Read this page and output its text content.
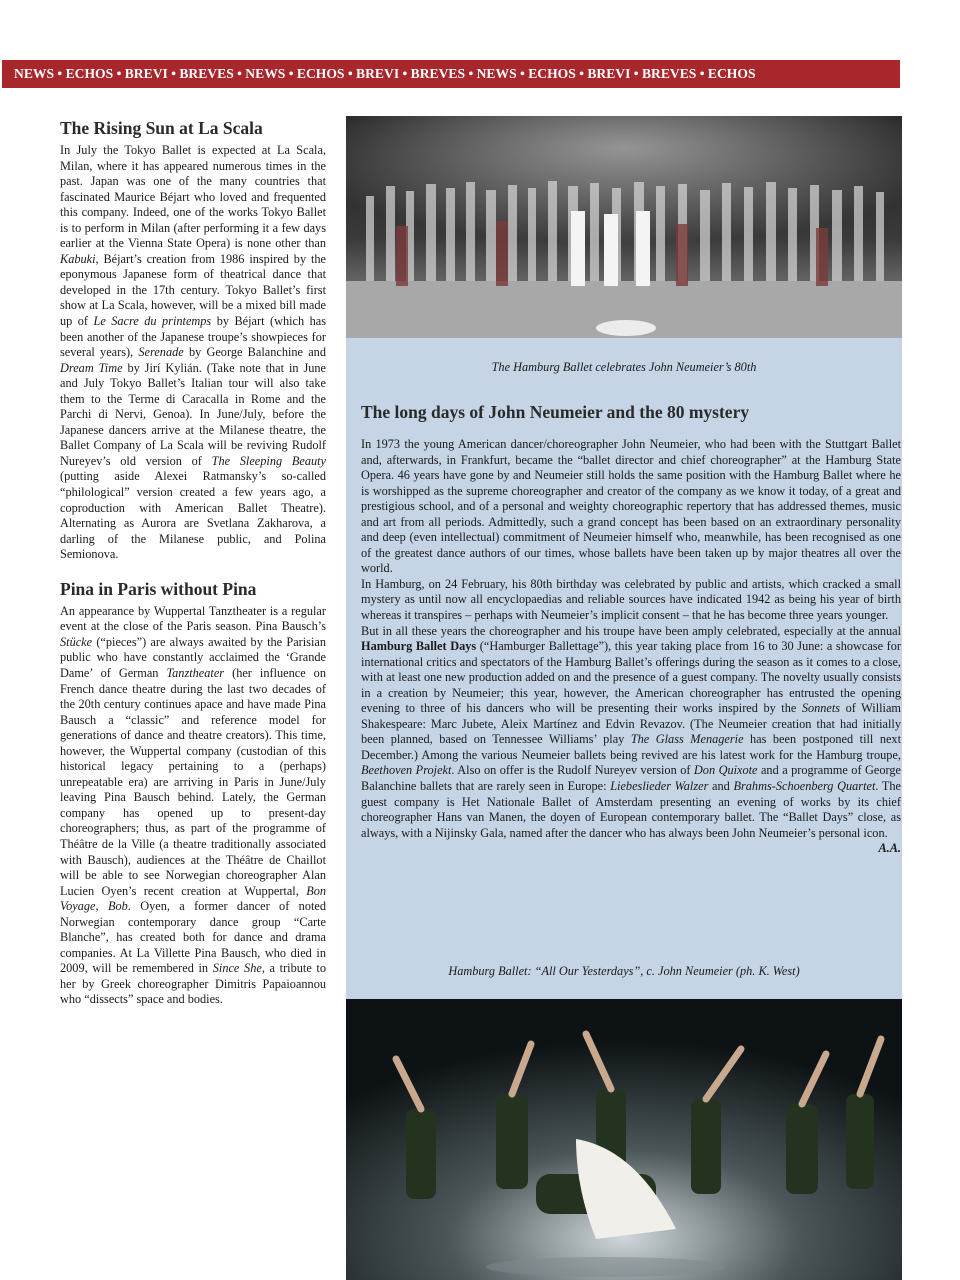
NEWS • ECHOS • BREVI • BREVES • NEWS • ECHOS • BREVI • BREVES • NEWS • ECHOS • BREVI • BREVES • ECHOS
The Rising Sun at La Scala

In July the Tokyo Ballet is expected at La Scala, Milan, where it has appeared numerous times in the past. Japan was one of the many countries that fascinated Maurice Béjart who loved and frequented this company. Indeed, one of the works Tokyo Ballet is to perform in Milan (after performing it a few days earlier at the Vienna State Opera) is none other than Kabuki, Béjart’s creation from 1986 inspired by the eponymous Japanese form of theatrical dance that developed in the 17th century. Tokyo Ballet’s first show at La Scala, however, will be a mixed bill made up of Le Sacre du printemps by Béjart (which has been another of the Japanese troupe’s showpieces for several years), Serenade by George Balanchine and Dream Time by Jirí Kylián. (Take note that in June and July Tokyo Ballet’s Italian tour will also take them to the Terme di Caracalla in Rome and the Parchi di Nervi, Genoa). In June/July, before the Japanese dancers arrive at the Milanese theatre, the Ballet Company of La Scala will be reviving Rudolf Nureyev’s old version of The Sleeping Beauty (putting aside Alexei Ratmansky’s so-called “philological” version created a few years ago, a coproduction with American Ballet Theatre). Alternating as Aurora are Svetlana Zakharova, a darling of the Milanese public, and Polina Semionova.

Pina in Paris without Pina

An appearance by Wuppertal Tanztheater is a regular event at the close of the Paris season. Pina Bausch’s Stücke (“pieces”) are always awaited by the Parisian public who have constantly acclaimed the ‘Grande Dame’ of German Tanztheater (her influence on French dance theatre during the last two decades of the 20th century continues apace and have made Pina Bausch a “classic” and reference model for generations of dance and theatre creators). This time, however, the Wuppertal company (custodian of this historical legacy pertaining to a (perhaps) unrepeatable era) are arriving in Paris in June/July leaving Pina Bausch behind. Lately, the German company has opened up to present-day choreographers; thus, as part of the programme of Théâtre de la Ville (a theatre traditionally associated with Bausch), audiences at the Théâtre de Chaillot will be able to see Norwegian choreographer Alan Lucien Oyen’s recent creation at Wuppertal, Bon Voyage, Bob. Oyen, a former dancer of noted Norwegian contemporary dance group “Carte Blanche”, has created both for dance and drama companies. At La Villette Pina Bausch, who died in 2009, will be remembered in Since She, a tribute to her by Greek choreographer Dimitris Papaioannou who “dissects” space and bodies.

The Hamburg Ballet celebrates John Neumeier’s 80th
The long days of John Neumeier and the 80 mystery

In 1973 the young American dancer/choreographer John Neumeier, who had been with the Stuttgart Ballet and, afterwards, in Frankfurt, became the “ballet director and chief choreographer” at the Hamburg State Opera. 46 years have gone by and Neumeier still holds the same position with the Hamburg Ballet where he is worshipped as the supreme choreographer and creator of the company as we know it today, of a great and prestigious school, and of a personal and weighty choreographic repertory that has addressed themes, music and art from all periods. Admittedly, such a grand concept has been based on an extraordinary personality and deep (even intellectual) commitment of Neumeier himself who, meanwhile, has been recognised as one of the greatest dance authors of our times, whose ballets have been taken up by major theatres all over the world.

In Hamburg, on 24 February, his 80th birthday was celebrated by public and artists, which cracked a small mystery as until now all encyclopaedias and reliable sources have indicated 1942 as being his year of birth whereas it transpires – perhaps with Neumeier’s implicit consent – that he has become three years younger.

But in all these years the choreographer and his troupe have been amply celebrated, especially at the annual Hamburg Ballet Days (“Hamburger Ballettage”), this year taking place from 16 to 30 June: a showcase for international critics and spectators of the Hamburg Ballet’s offerings during the season as it comes to a close, with at least one new production added on and the presence of a guest company. The novelty usually consists in a creation by Neumeier; this year, however, the American choreographer has entrusted the opening evening to three of his dancers who will be presenting their works inspired by the Sonnets of William Shakespeare: Marc Jubete, Aleix Martínez and Edvin Revazov. (The Neumeier creation that had initially been planned, based on Tennessee Williams’ play The Glass Menagerie has been postponed till next December.) Among the various Neumeier ballets being revived are his latest work for the Hamburg troupe, Beethoven Projekt. Also on offer is the Rudolf Nureyev version of Don Quixote and a programme of George Balanchine ballets that are rarely seen in Europe: Liebeslieder Walzer and Brahms-Schoenberg Quartet. The guest company is Het Nationale Ballet of Amsterdam presenting an evening of works by its chief choreographer Hans van Manen, the doyen of European contemporary ballet. The “Ballet Days” close, as always, with a Nijinsky Gala, named after the dancer who has always been John Neumeier’s personal icon.

A.A.

Hamburg Ballet: “All Our Yesterdays”, c. John Neumeier (ph. K. West)
